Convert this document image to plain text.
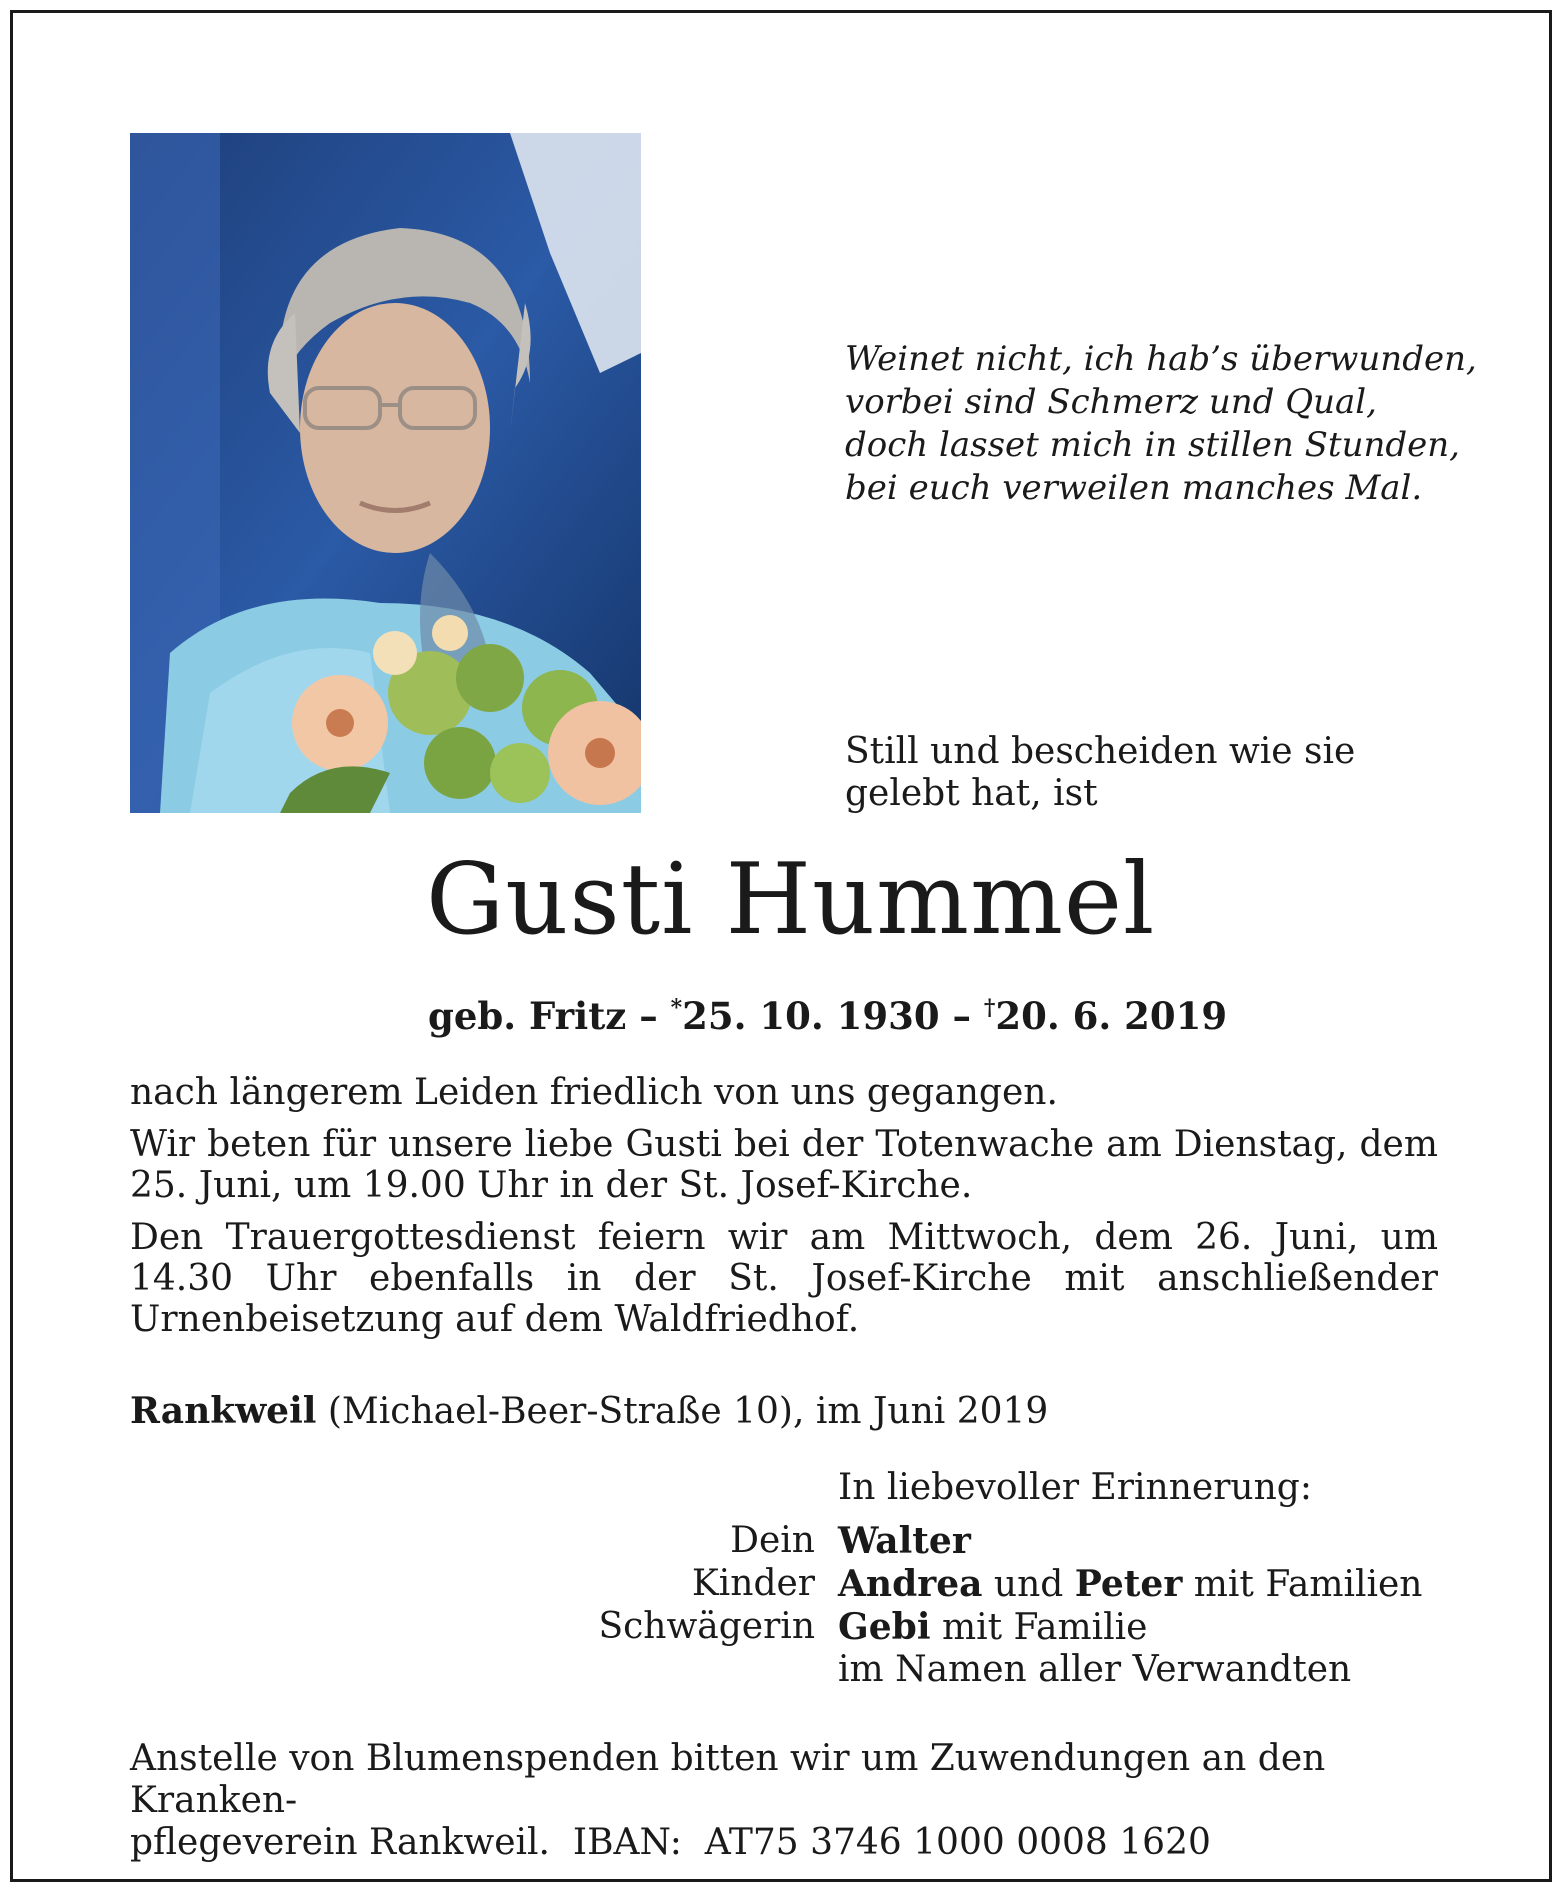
Weinet nicht, ich hab’s überwunden,
vorbei sind Schmerz und Qual,
doch lasset mich in stillen Stunden,
bei euch verweilen manches Mal.
Still und bescheiden wie sie gelebt hat, ist
Gusti Hummel
geb. Fritz – *25. 10. 1930 – †20. 6. 2019

nach längerem Leiden friedlich von uns gegangen.

Wir beten für unsere liebe Gusti bei der Totenwache am Dienstag, dem 25. Juni, um 19.00 Uhr in der St. Josef-Kirche.

Den Trauergottesdienst feiern wir am Mittwoch, dem 26. Juni, um 14.30 Uhr ebenfalls in der St. Josef-Kirche mit anschließender Urnenbeisetzung auf dem Waldfriedhof.

Rankweil (Michael-Beer-Straße 10), im Juni 2019
In liebevoller Erinnerung:
Dein Walter
Kinder Andrea und Peter mit Familien
Schwägerin Gebi mit Familie
im Namen aller Verwandten
Anstelle von Blumenspenden bitten wir um Zuwendungen an den Kranken-
pflegeverein Rankweil.  IBAN:  AT75 3746 1000 0008 1620
